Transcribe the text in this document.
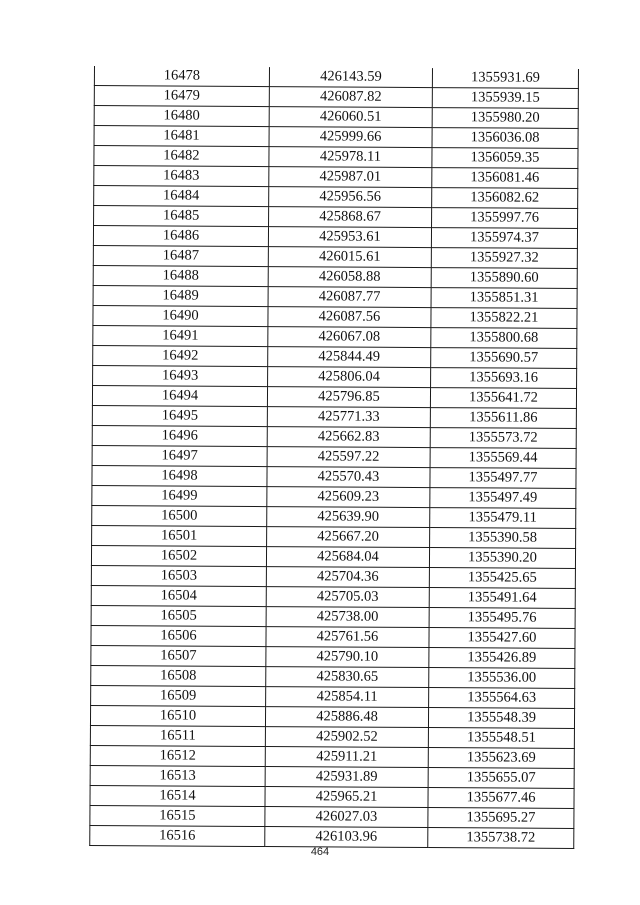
16478	426143.59	1355931.69
16479	426087.82	1355939.15
16480	426060.51	1355980.20
16481	425999.66	1356036.08
16482	425978.11	1356059.35
16483	425987.01	1356081.46
16484	425956.56	1356082.62
16485	425868.67	1355997.76
16486	425953.61	1355974.37
16487	426015.61	1355927.32
16488	426058.88	1355890.60
16489	426087.77	1355851.31
16490	426087.56	1355822.21
16491	426067.08	1355800.68
16492	425844.49	1355690.57
16493	425806.04	1355693.16
16494	425796.85	1355641.72
16495	425771.33	1355611.86
16496	425662.83	1355573.72
16497	425597.22	1355569.44
16498	425570.43	1355497.77
16499	425609.23	1355497.49
16500	425639.90	1355479.11
16501	425667.20	1355390.58
16502	425684.04	1355390.20
16503	425704.36	1355425.65
16504	425705.03	1355491.64
16505	425738.00	1355495.76
16506	425761.56	1355427.60
16507	425790.10	1355426.89
16508	425830.65	1355536.00
16509	425854.11	1355564.63
16510	425886.48	1355548.39
16511	425902.52	1355548.51
16512	425911.21	1355623.69
16513	425931.89	1355655.07
16514	425965.21	1355677.46
16515	426027.03	1355695.27
16516	426103.96	1355738.72
464
